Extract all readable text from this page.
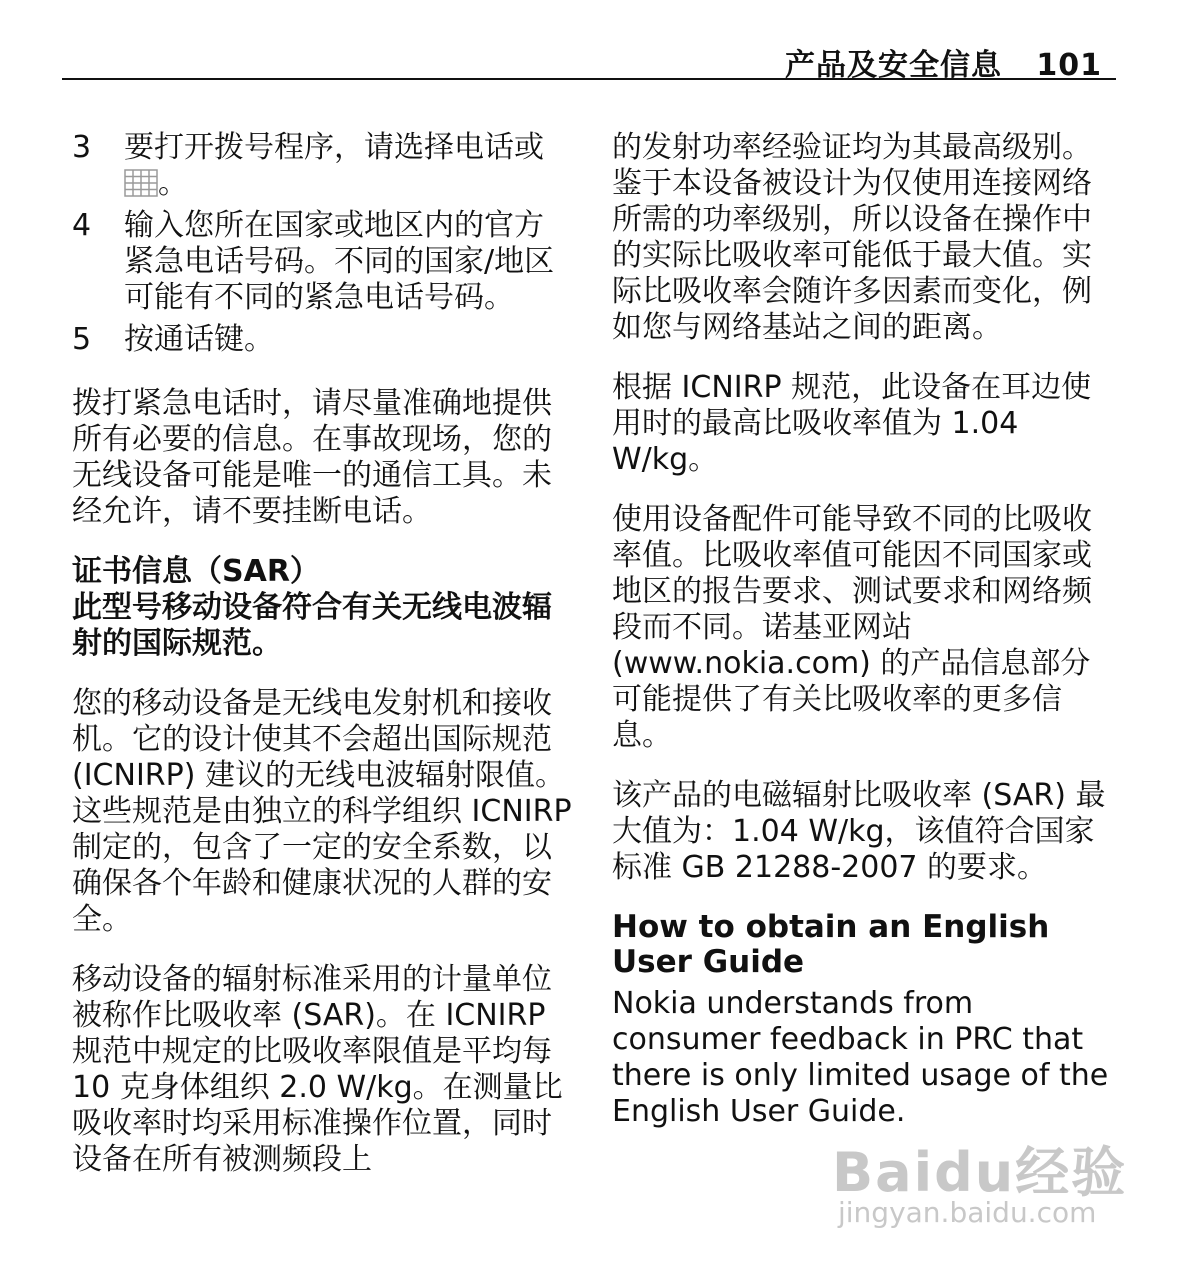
产品及安全信息 101
3	要打开拨号程序，请选择电话或
。
4	输入您所在国家或地区内的官方紧急电话号码。不同的国家/地区可能有不同的紧急电话号码。
5	按通话键。

拨打紧急电话时，请尽量准确地提供所有必要的信息。在事故现场，您的无线设备可能是唯一的通信工具。未经允许，请不要挂断电话。

证书信息（SAR）
此型号移动设备符合有关无线电波辐射的国际规范。

您的移动设备是无线电发射机和接收机。它的设计使其不会超出国际规范 (ICNIRP) 建议的无线电波辐射限值。这些规范是由独立的科学组织 ICNIRP 制定的，包含了一定的安全系数，以确保各个年龄和健康状况的人群的安全。

移动设备的辐射标准采用的计量单位被称作比吸收率 (SAR)。在 ICNIRP 规范中规定的比吸收率限值是平均每 10 克身体组织 2.0 W/kg。在测量比吸收率时均采用标准操作位置，同时设备在所有被测频段上

的发射功率经验证均为其最高级别。鉴于本设备被设计为仅使用连接网络所需的功率级别，所以设备在操作中的实际比吸收率可能低于最大值。实际比吸收率会随许多因素而变化，例如您与网络基站之间的距离。

根据 ICNIRP 规范，此设备在耳边使用时的最高比吸收率值为 1.04 W/kg。

使用设备配件可能导致不同的比吸收率值。比吸收率值可能因不同国家或地区的报告要求、测试要求和网络频段而不同。诺基亚网站 (www.nokia.com) 的产品信息部分可能提供了有关比吸收率的更多信息。

该产品的电磁辐射比吸收率 (SAR) 最大值为：1.04 W/kg，该值符合国家标准 GB 21288-2007 的要求。

How to obtain an English User Guide
Nokia understands from consumer feedback in PRC that there is only limited usage of the English User Guide.
Baidu经验
jingyan.baidu.com
